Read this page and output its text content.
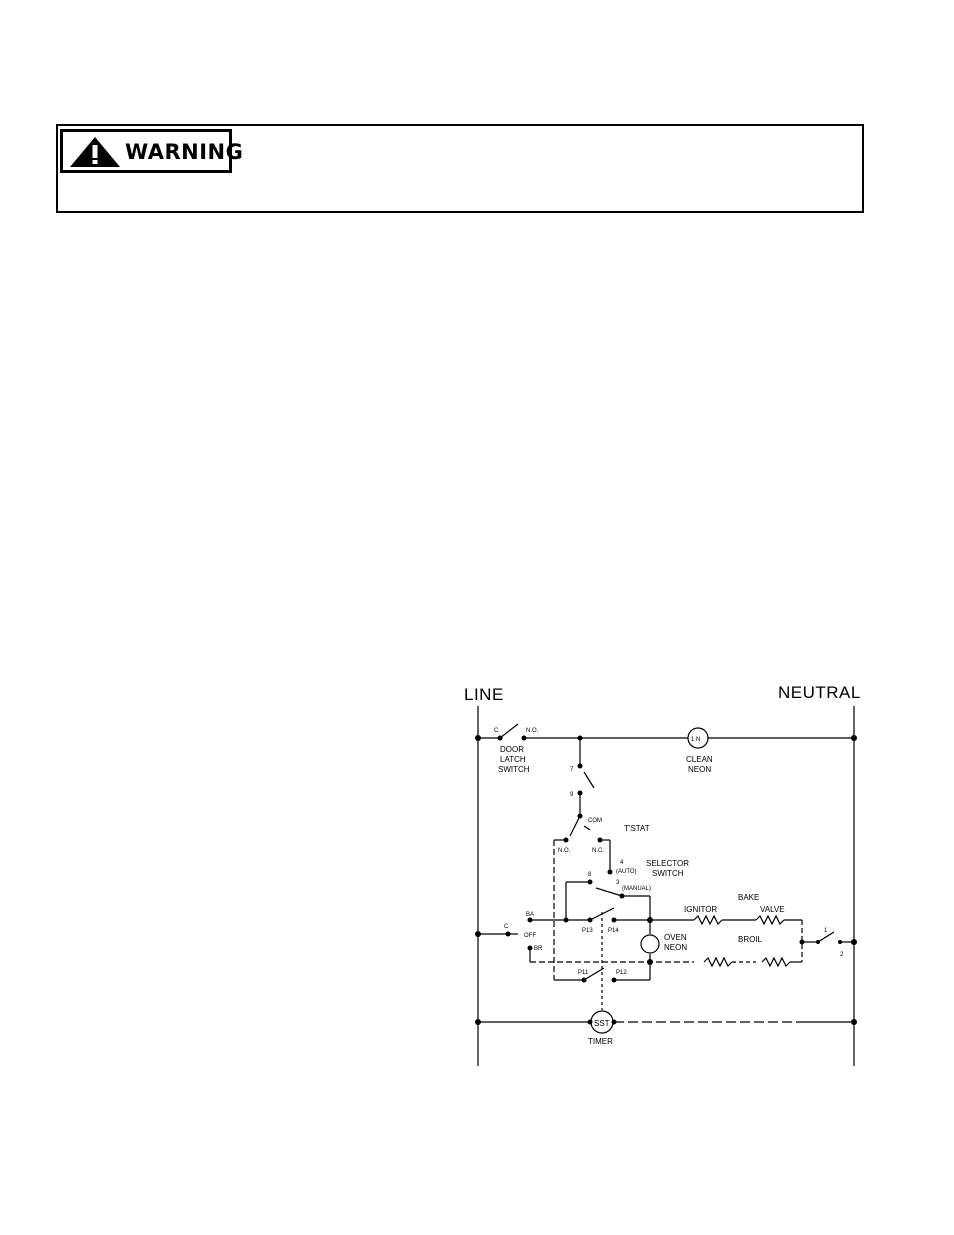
WARNING
LINE	NEUTRAL
C	N.O.
DOOR
LATCH
SWITCH
1 N
CLEAN
NEON
7
9
COM
T'STAT
N.O.	N.C.
4
(AUTO)
SELECTOR
SWITCH
8
3
(MANUAL)
BAKE
IGNITOR	VALVE
BA
C
OFF
BR
P13	P14
OVEN
NEON
BROIL
1
2
P11	P12
SST
TIMER
